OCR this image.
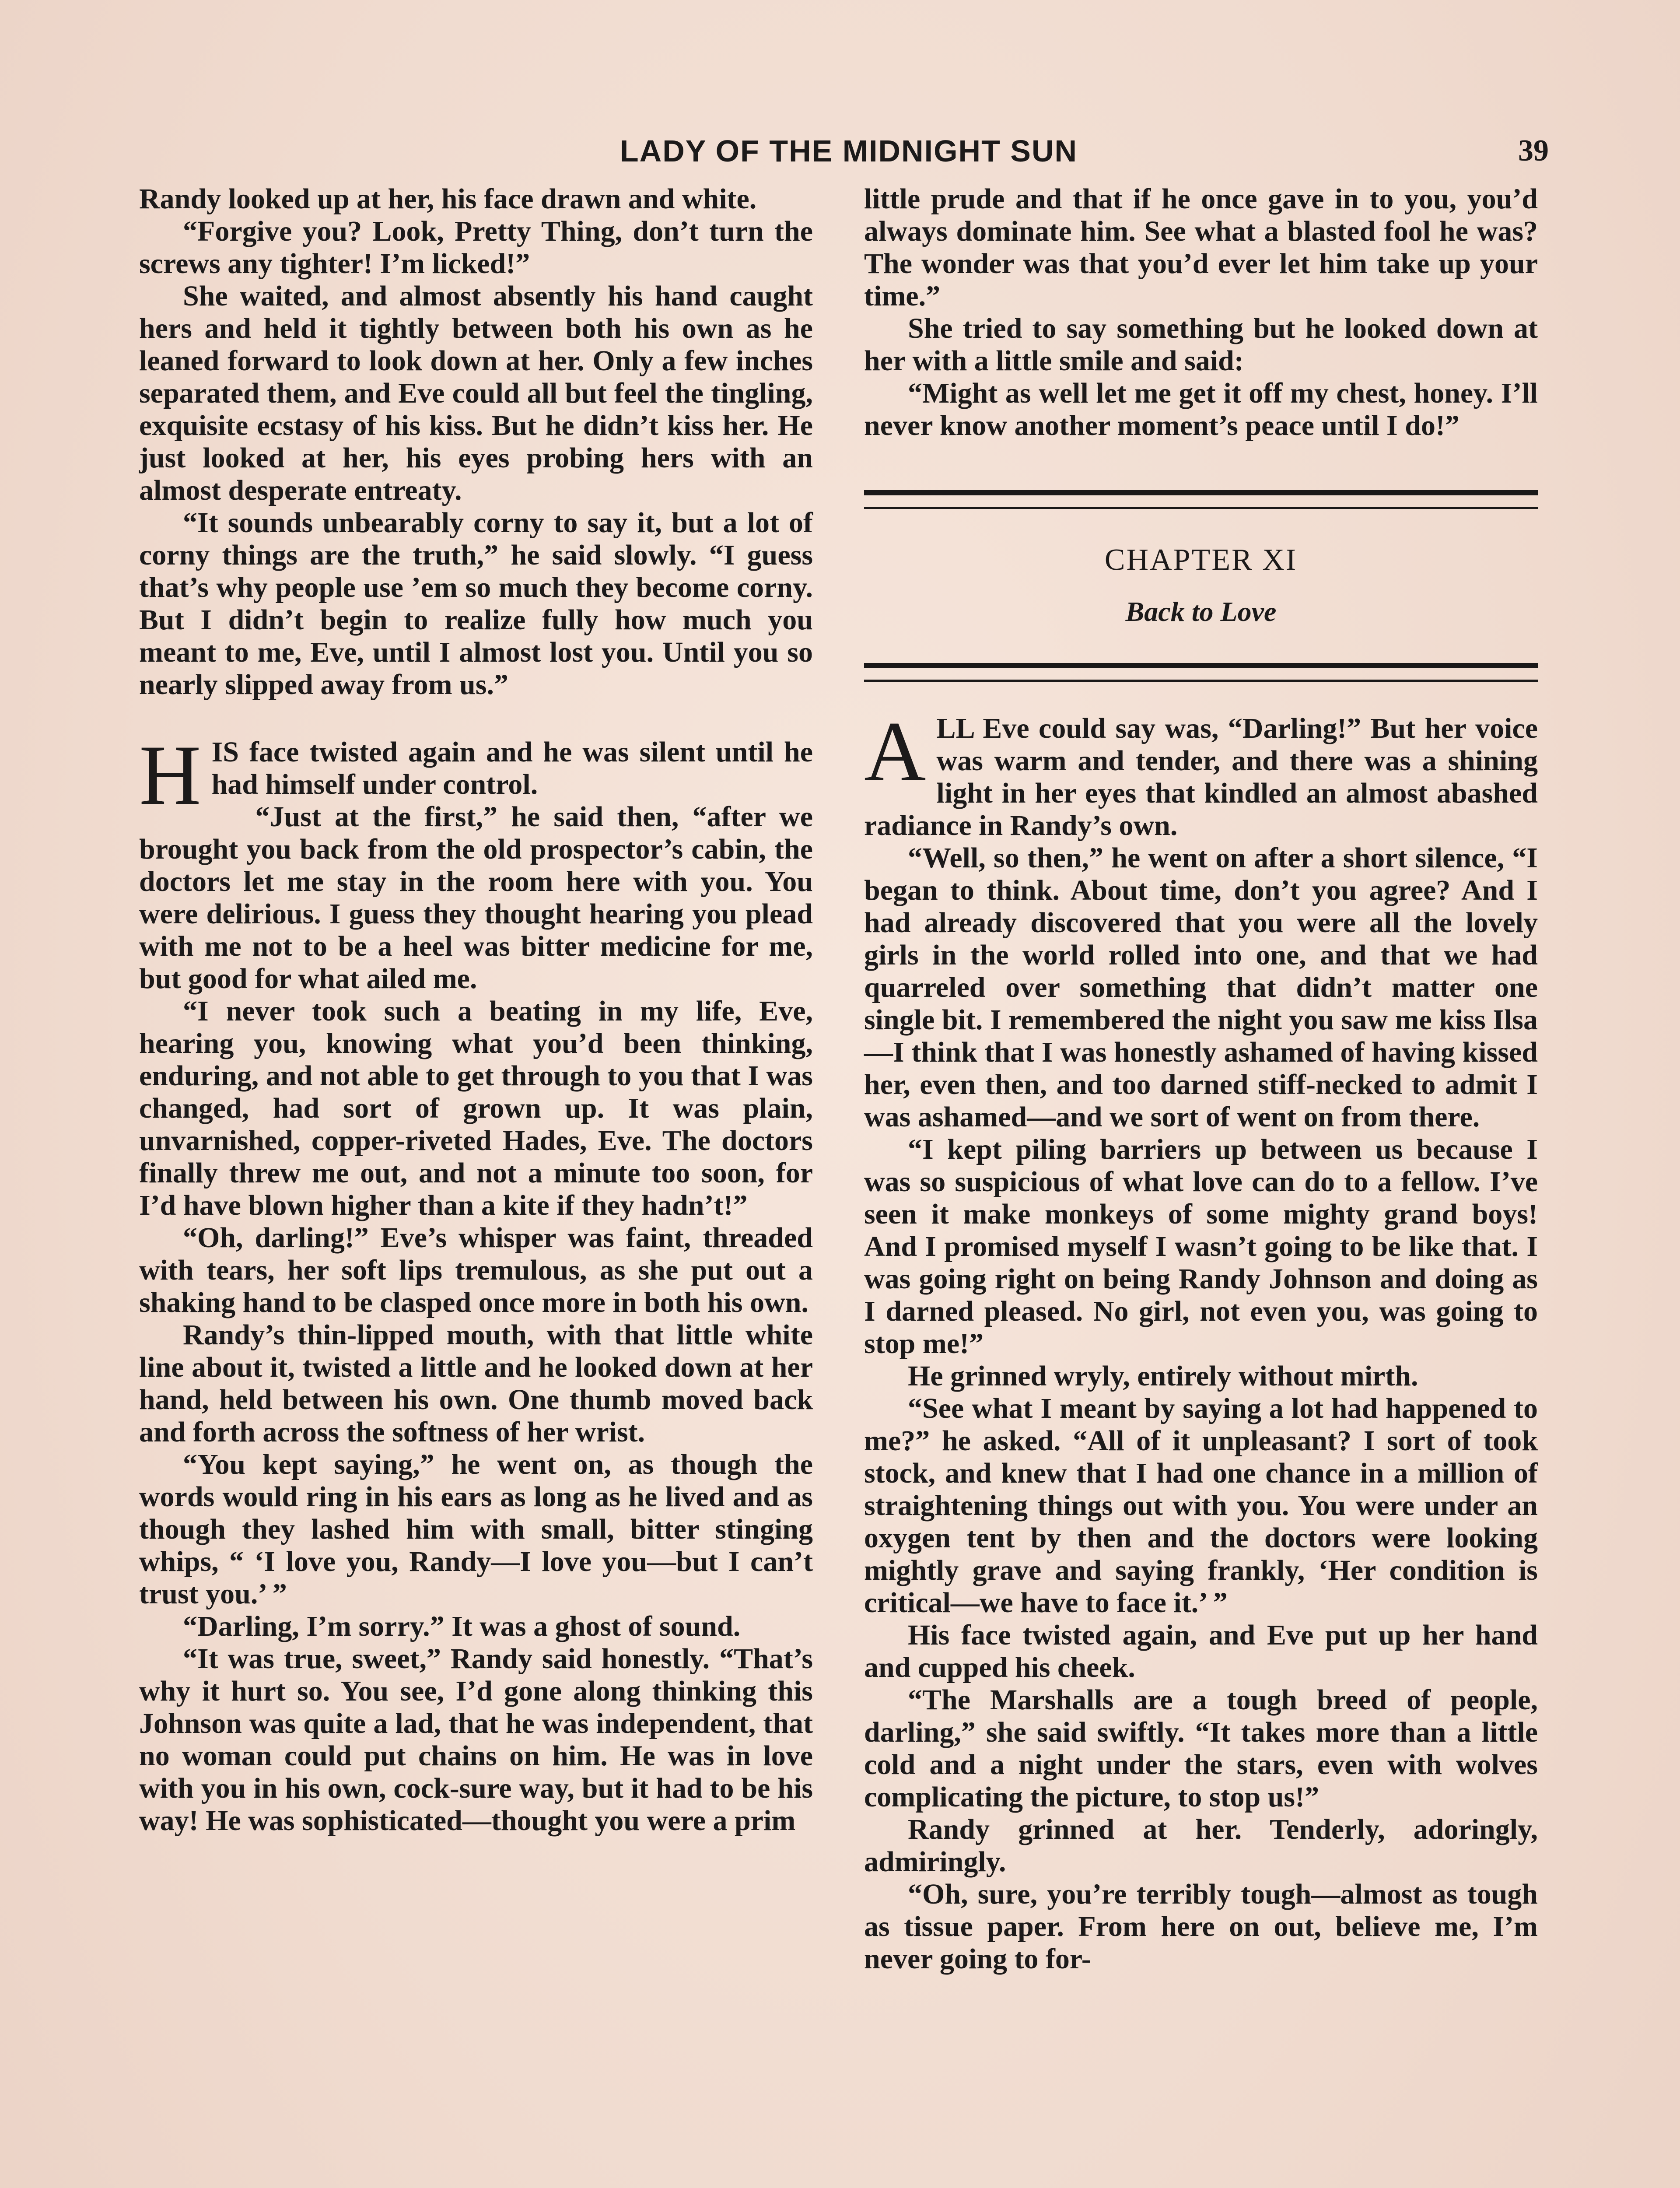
LADY OF THE MIDNIGHT SUN	39

Randy looked up at her, his face drawn and white.

“Forgive you? Look, Pretty Thing, don’t turn the screws any tighter! I’m licked!”

She waited, and almost absently his hand caught hers and held it tightly between both his own as he leaned forward to look down at her. Only a few inches separated them, and Eve could all but feel the tingling, exquisite ecstasy of his kiss. But he didn’t kiss her. He just looked at her, his eyes probing hers with an almost desperate entreaty.

“It sounds unbearably corny to say it, but a lot of corny things are the truth,” he said slowly. “I guess that’s why people use ’em so much they become corny. But I didn’t begin to realize fully how much you meant to me, Eve, until I almost lost you. Until you so nearly slipped away from us.”

HIS face twisted again and he was silent until he had himself under control.

“Just at the first,” he said then, “after we brought you back from the old prospector’s cabin, the doctors let me stay in the room here with you. You were delirious. I guess they thought hearing you plead with me not to be a heel was bitter medicine for me, but good for what ailed me.

“I never took such a beating in my life, Eve, hearing you, knowing what you’d been thinking, enduring, and not able to get through to you that I was changed, had sort of grown up. It was plain, unvarnished, copper-riveted Hades, Eve. The doctors finally threw me out, and not a minute too soon, for I’d have blown higher than a kite if they hadn’t!”

“Oh, darling!” Eve’s whisper was faint, threaded with tears, her soft lips tremulous, as she put out a shaking hand to be clasped once more in both his own.

Randy’s thin-lipped mouth, with that little white line about it, twisted a little and he looked down at her hand, held between his own. One thumb moved back and forth across the softness of her wrist.

“You kept saying,” he went on, as though the words would ring in his ears as long as he lived and as though they lashed him with small, bitter stinging whips, “ ‘I love you, Randy—I love you—but I can’t trust you.’ ”

“Darling, I’m sorry.” It was a ghost of sound.

“It was true, sweet,” Randy said honestly. “That’s why it hurt so. You see, I’d gone along thinking this Johnson was quite a lad, that he was independent, that no woman could put chains on him. He was in love with you in his own, cock-sure way, but it had to be his way! He was sophisticated—thought you were a prim

little prude and that if he once gave in to you, you’d always dominate him. See what a blasted fool he was? The wonder was that you’d ever let him take up your time.”

She tried to say something but he looked down at her with a little smile and said:

“Might as well let me get it off my chest, honey. I’ll never know another moment’s peace until I do!”

CHAPTER XI
Back to Love

ALL Eve could say was, “Darling!” But her voice was warm and tender, and there was a shining light in her eyes that kindled an almost abashed radiance in Randy’s own.

“Well, so then,” he went on after a short silence, “I began to think. About time, don’t you agree? And I had already discovered that you were all the lovely girls in the world rolled into one, and that we had quarreled over something that didn’t matter one single bit. I remembered the night you saw me kiss Ilsa—I think that I was honestly ashamed of having kissed her, even then, and too darned stiff-necked to admit I was ashamed—and we sort of went on from there.

“I kept piling barriers up between us because I was so suspicious of what love can do to a fellow. I’ve seen it make monkeys of some mighty grand boys! And I promised myself I wasn’t going to be like that. I was going right on being Randy Johnson and doing as I darned pleased. No girl, not even you, was going to stop me!”

He grinned wryly, entirely without mirth.

“See what I meant by saying a lot had happened to me?” he asked. “All of it unpleasant? I sort of took stock, and knew that I had one chance in a million of straightening things out with you. You were under an oxygen tent by then and the doctors were looking mightly grave and saying frankly, ‘Her condition is critical—we have to face it.’ ”

His face twisted again, and Eve put up her hand and cupped his cheek.

“The Marshalls are a tough breed of people, darling,” she said swiftly. “It takes more than a little cold and a night under the stars, even with wolves complicating the picture, to stop us!”

Randy grinned at her. Tenderly, adoringly, admiringly.

“Oh, sure, you’re terribly tough—almost as tough as tissue paper. From here on out, believe me, I’m never going to for-
